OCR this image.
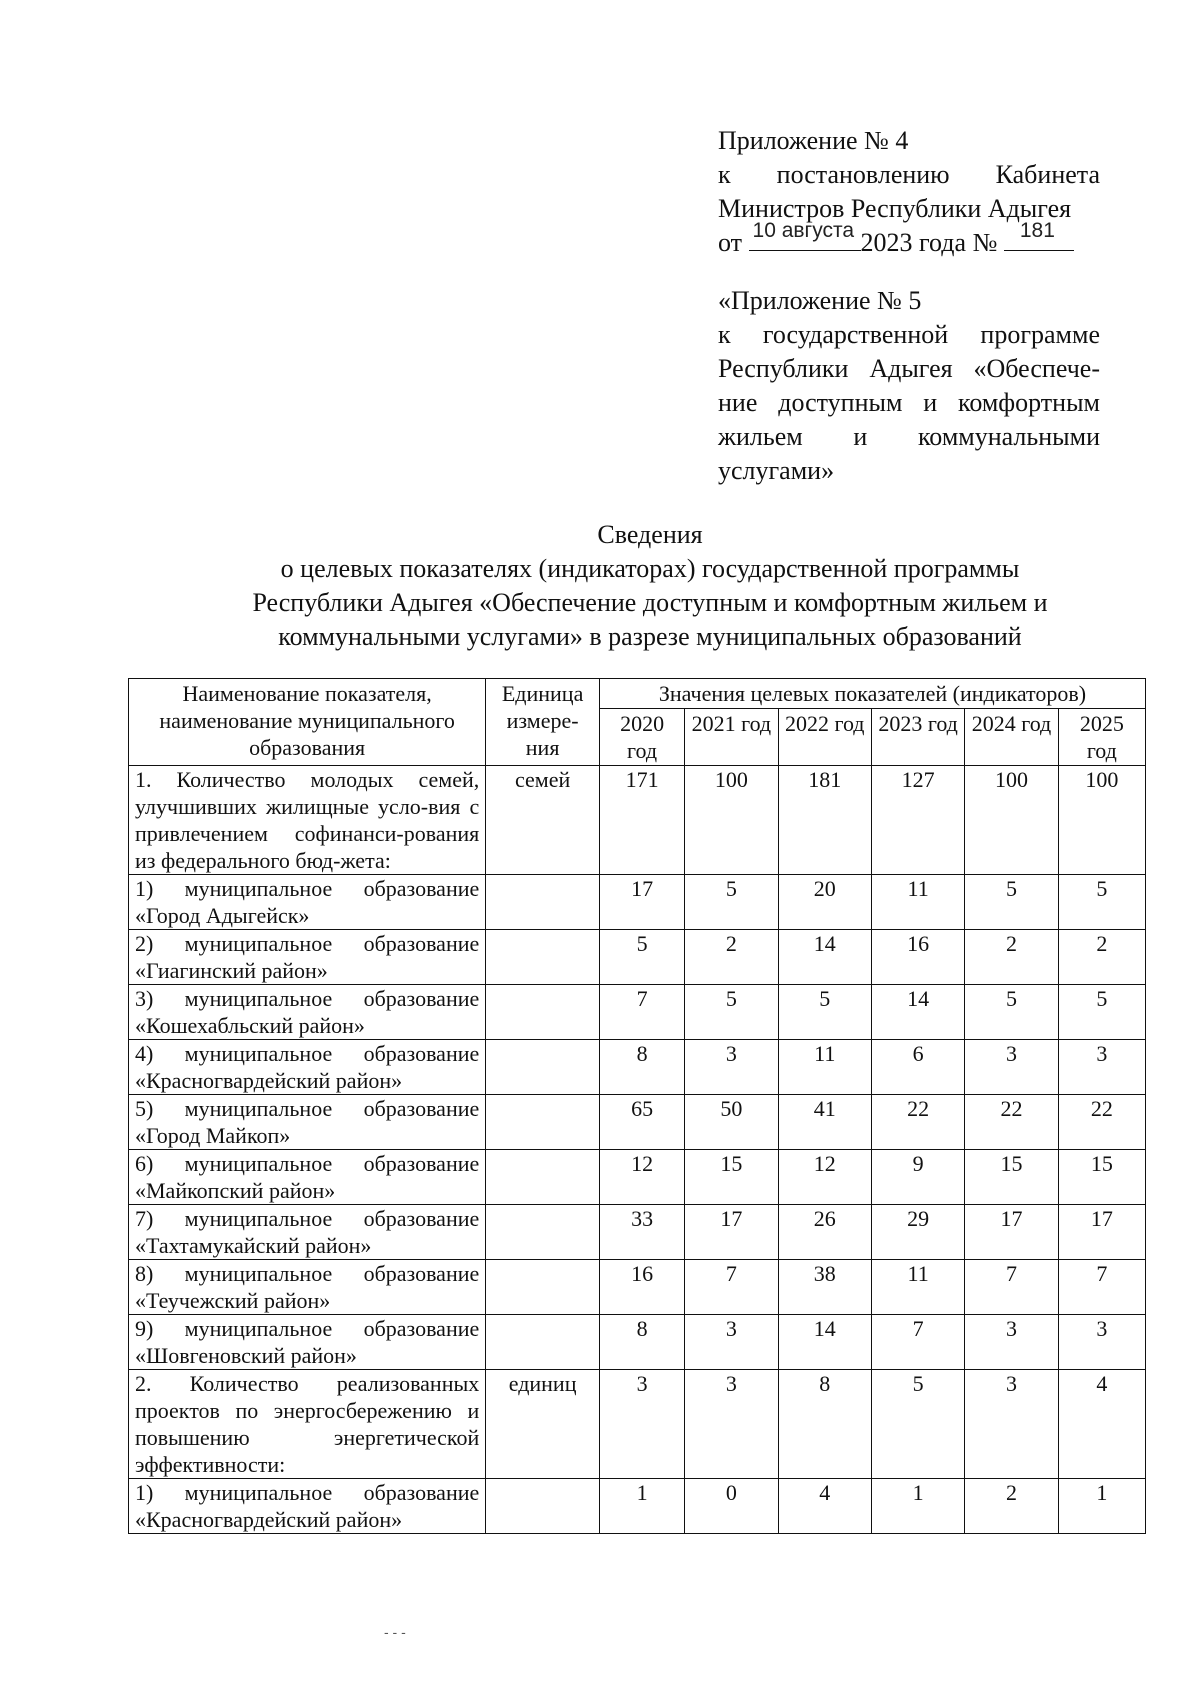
Приложение № 4
к постановлению Кабинета
Министров Республики Адыгея
от 10 августа 2023 года № 181
«Приложение № 5
к государственной программе
Республики Адыгея «Обеспече-
ние доступным и комфортным
жильем и коммунальными
услугами»
Сведения
о целевых показателях (индикаторах) государственной программы
Республики Адыгея «Обеспечение доступным и комфортным жильем и
коммунальными услугами» в разрезе муниципальных образований
Наименование показателя, наименование муниципального образования	Единица измере-ния	Значения целевых показателей (индикаторов)					
		2020 год	2021 год	2022 год	2023 год	2024 год	2025 год
1. Количество молодых семей, улучшивших жилищные усло-вия с привлечением софинанси-рования из федерального бюд-жета:	семей	171	100	181	127	100	100
1) муниципальное образование «Город Адыгейск»		17	5	20	11	5	5
2) муниципальное образование «Гиагинский район»		5	2	14	16	2	2
3) муниципальное образование «Кошехабльский район»		7	5	5	14	5	5
4) муниципальное образование «Красногвардейский район»		8	3	11	6	3	3
5) муниципальное образование «Город Майкоп»		65	50	41	22	22	22
6) муниципальное образование «Майкопский район»		12	15	12	9	15	15
7) муниципальное образование «Тахтамукайский район»		33	17	26	29	17	17
8) муниципальное образование «Теучежский район»		16	7	38	11	7	7
9) муниципальное образование «Шовгеновский район»		8	3	14	7	3	3
2. Количество реализованных проектов по энергосбережению и повышению энергетической эффективности:	единиц	3	3	8	5	3	4
1) муниципальное образование «Красногвардейский район»		1	0	4	1	2	1
- - -
